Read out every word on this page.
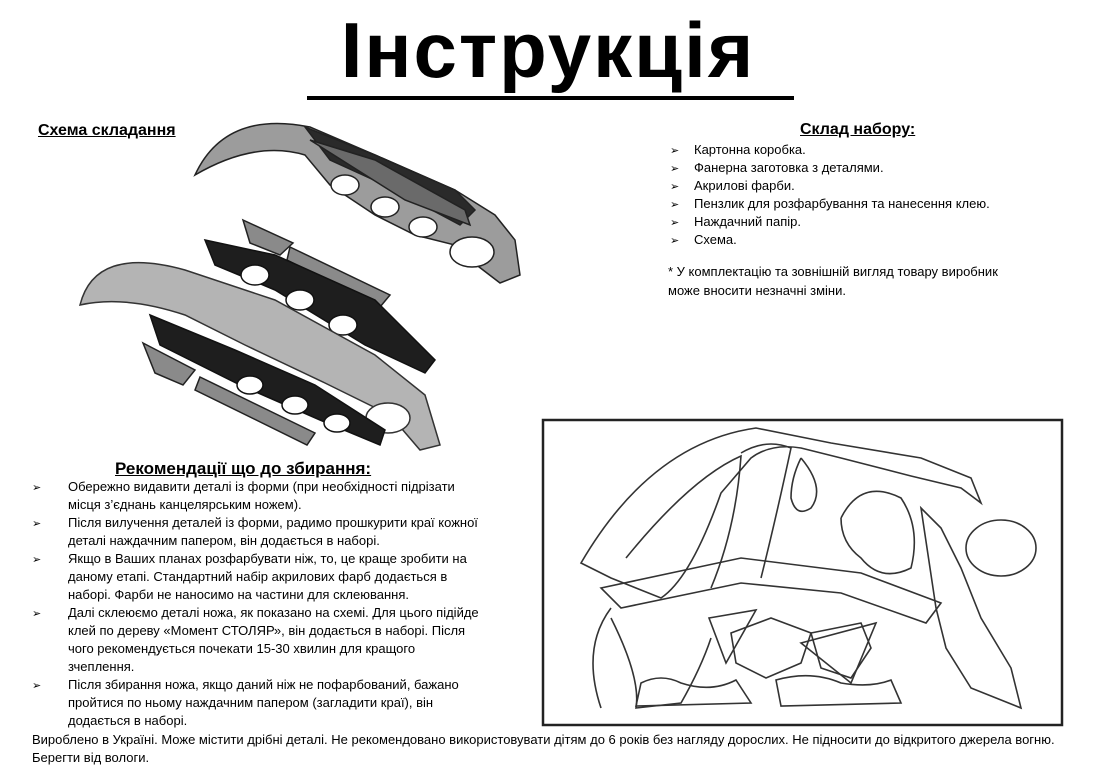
Інструкція
Схема складання	Склад набору:
➢ Картонна коробка.
➢ Фанерна заготовка з деталями.
➢ Акрилові фарби.
➢ Пензлик для розфарбування та нанесення клею.
➢ Наждачний папір.
➢ Схема.
* У комплектацію та зовнішній вигляд товару виробник
може вносити незначні зміни.
Рекомендації що до збирання:
➢ Обережно видавити деталі із форми (при необхідності підрізати місця з’єднань канцелярським ножем).
➢ Після вилучення деталей із форми, радимо прошкурити краї кожної деталі наждачним папером, він додається в наборі.
➢ Якщо в Ваших планах розфарбувати ніж, то, це краще зробити на даному етапі. Стандартний набір акрилових фарб додається в наборі. Фарби не наносимо на частини для склеювання.
➢ Далі склеюємо деталі ножа, як показано на схемі. Для цього підійде клей по дереву «Момент СТОЛЯР», він додається в наборі. Після чого рекомендується почекати 15-30 хвилин для кращого зчеплення.
➢ Після збирання ножа, якщо даний ніж не пофарбований, бажано пройтися по ньому наждачним папером (загладити краї), він додається в наборі.
Вироблено в Україні. Може містити дрібні деталі. Не рекомендовано використовувати дітям до 6 років без нагляду дорослих. Не підносити до відкритого джерела вогню. Берегти від вологи.
